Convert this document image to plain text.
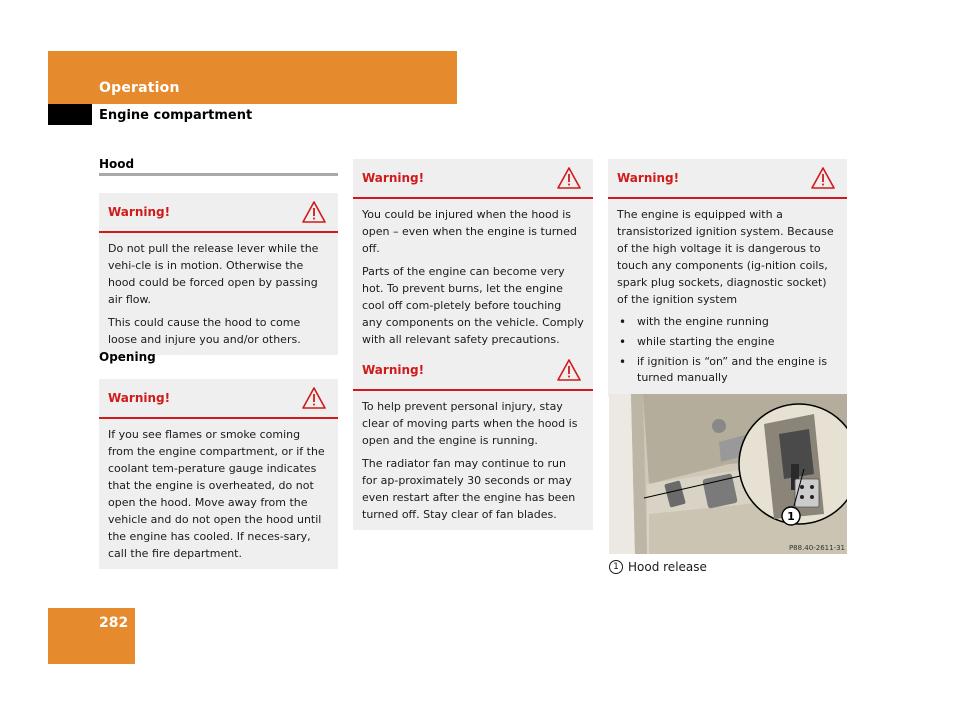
Operation
Engine compartment
Hood
Warning!

Do not pull the release lever while the vehi-cle is in motion. Otherwise the hood could be forced open by passing air flow.

This could cause the hood to come loose and injure you and/or others.

Opening
Warning!

If you see flames or smoke coming from the engine compartment, or if the coolant tem-perature gauge indicates that the engine is overheated, do not open the hood. Move away from the vehicle and do not open the hood until the engine has cooled. If neces-sary, call the fire department.

Warning!

You could be injured when the hood is open – even when the engine is turned off.

Parts of the engine can become very hot. To prevent burns, let the engine cool off com-pletely before touching any components on the vehicle. Comply with all relevant safety precautions.

Warning!

To help prevent personal injury, stay clear of moving parts when the hood is open and the engine is running.

The radiator fan may continue to run for ap-proximately 30 seconds or may even restart after the engine has been turned off. Stay clear of fan blades.

Warning!

The engine is equipped with a transistorized ignition system. Because of the high voltage it is dangerous to touch any components (ig-nition coils, spark plug sockets, diagnostic socket) of the ignition system

• with the engine running
• while starting the engine
• if ignition is “on” and the engine is turned manually
1
P88.40-2611-31
1 Hood release
282
